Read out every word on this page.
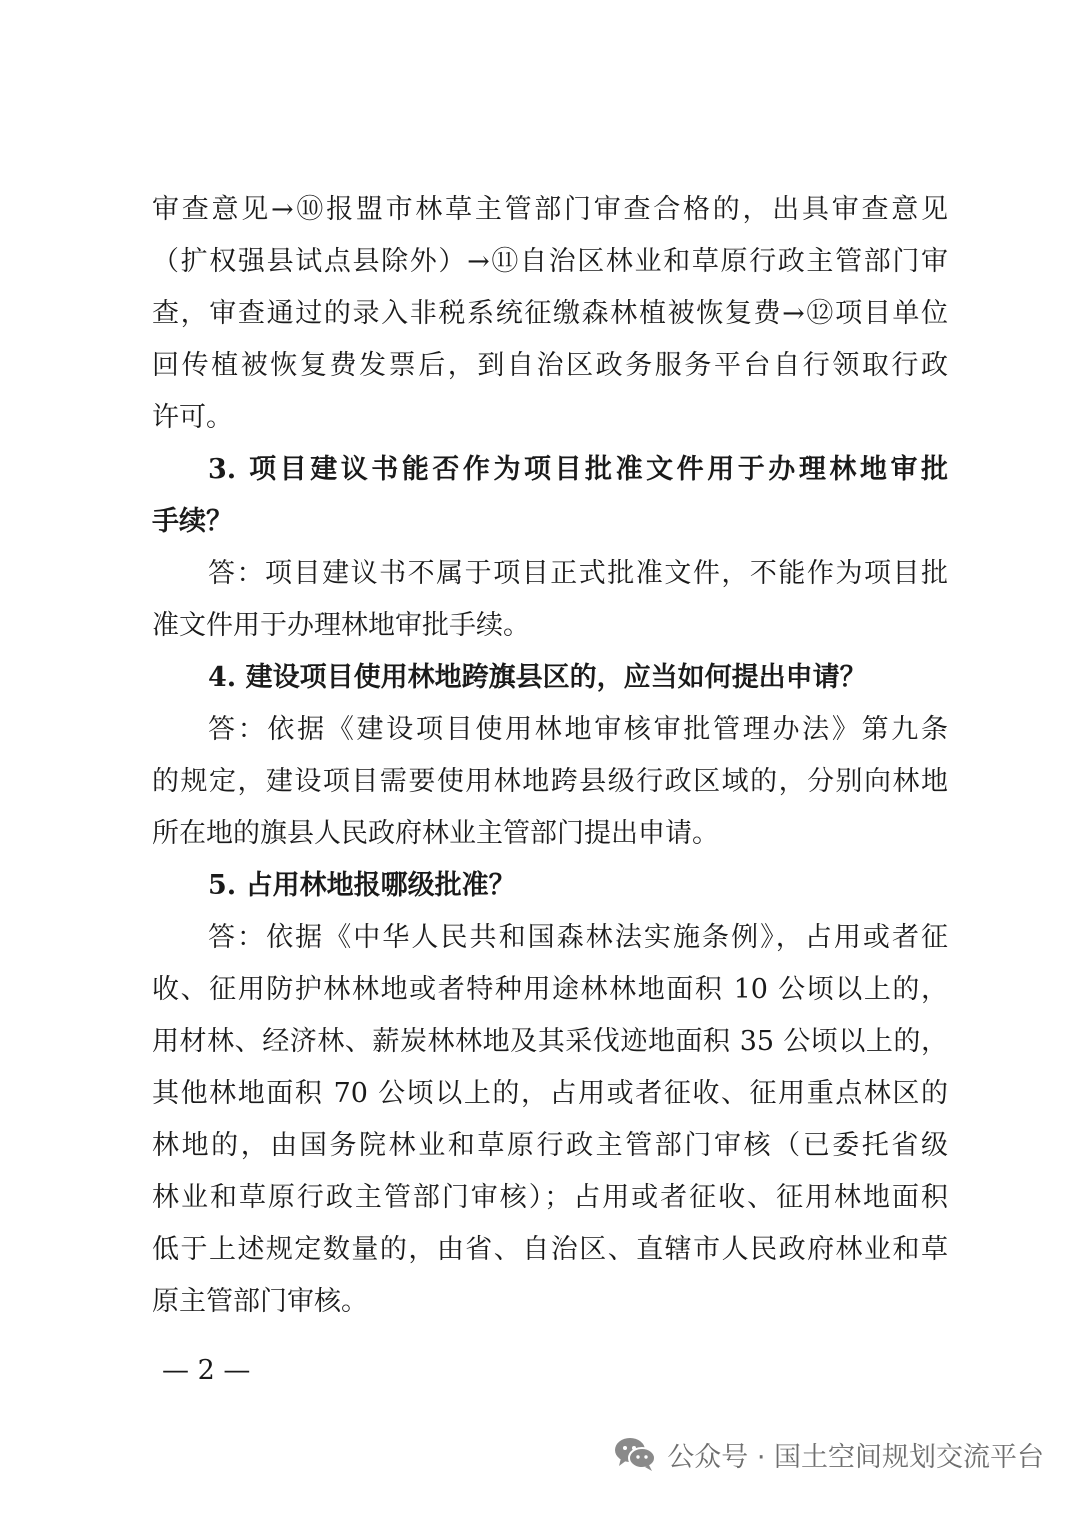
审查意见→⑩报盟市林草主管部门审查合格的，出具审查意见
（扩权强县试点县除外）→⑪自治区林业和草原行政主管部门审
查，审查通过的录入非税系统征缴森林植被恢复费→⑫项目单位
回传植被恢复费发票后，到自治区政务服务平台自行领取行政
许可。
3. 项目建议书能否作为项目批准文件用于办理林地审批
手续？
答：项目建议书不属于项目正式批准文件，不能作为项目批
准文件用于办理林地审批手续。
4. 建设项目使用林地跨旗县区的，应当如何提出申请？
答：依据《建设项目使用林地审核审批管理办法》第九条
的规定，建设项目需要使用林地跨县级行政区域的，分别向林地
所在地的旗县人民政府林业主管部门提出申请。
5. 占用林地报哪级批准？
答：依据《中华人民共和国森林法实施条例》，占用或者征
收、征用防护林林地或者特种用途林林地面积 10 公顷以上的，
用材林、经济林、薪炭林林地及其采伐迹地面积 35 公顷以上的，
其他林地面积 70 公顷以上的，占用或者征收、征用重点林区的
林地的，由国务院林业和草原行政主管部门审核（已委托省级
林业和草原行政主管部门审核）；占用或者征收、征用林地面积
低于上述规定数量的，由省、自治区、直辖市人民政府林业和草
原主管部门审核。
— 2 —
公众号 · 国土空间规划交流平台
